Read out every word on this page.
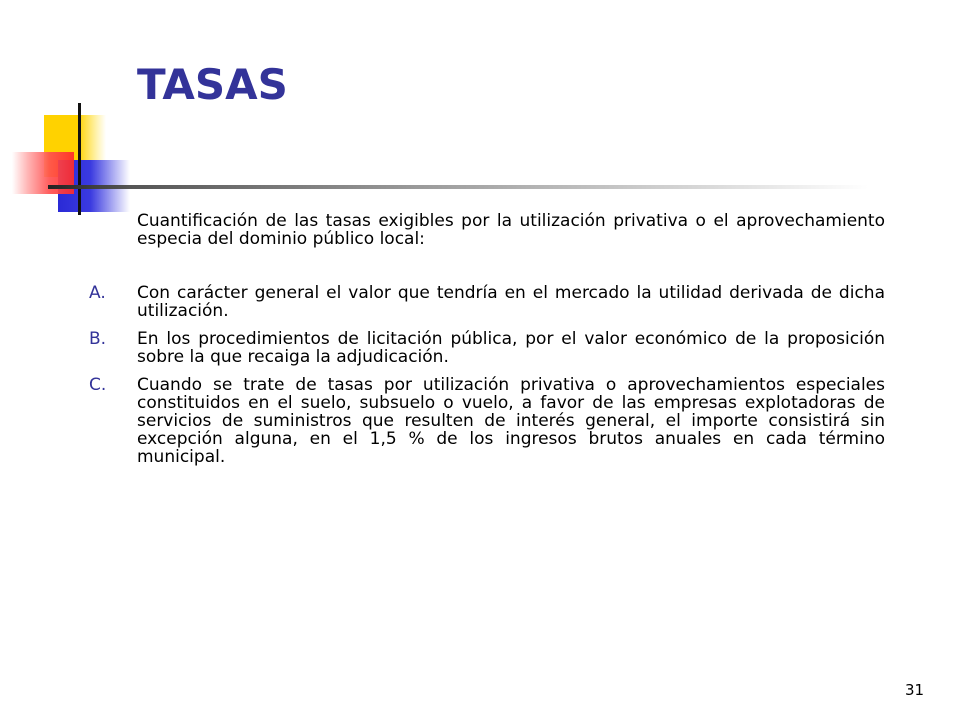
TASAS

Cuantificación de las tasas exigibles por la utilización privativa o el aprovechamiento especia del dominio público local:

A. Con carácter general el valor que tendría en el mercado la utilidad derivada de dicha utilización.
B. En los procedimientos de licitación pública, por el valor económico de la proposición sobre la que recaiga la adjudicación.
C. Cuando se trate de tasas por utilización privativa o aprovechamientos especiales constituidos en el suelo, subsuelo o vuelo, a favor de las empresas explotadoras de servicios de suministros que resulten de interés general, el importe consistirá sin excepción alguna, en el 1,5 % de los ingresos brutos anuales en cada término municipal.
31
